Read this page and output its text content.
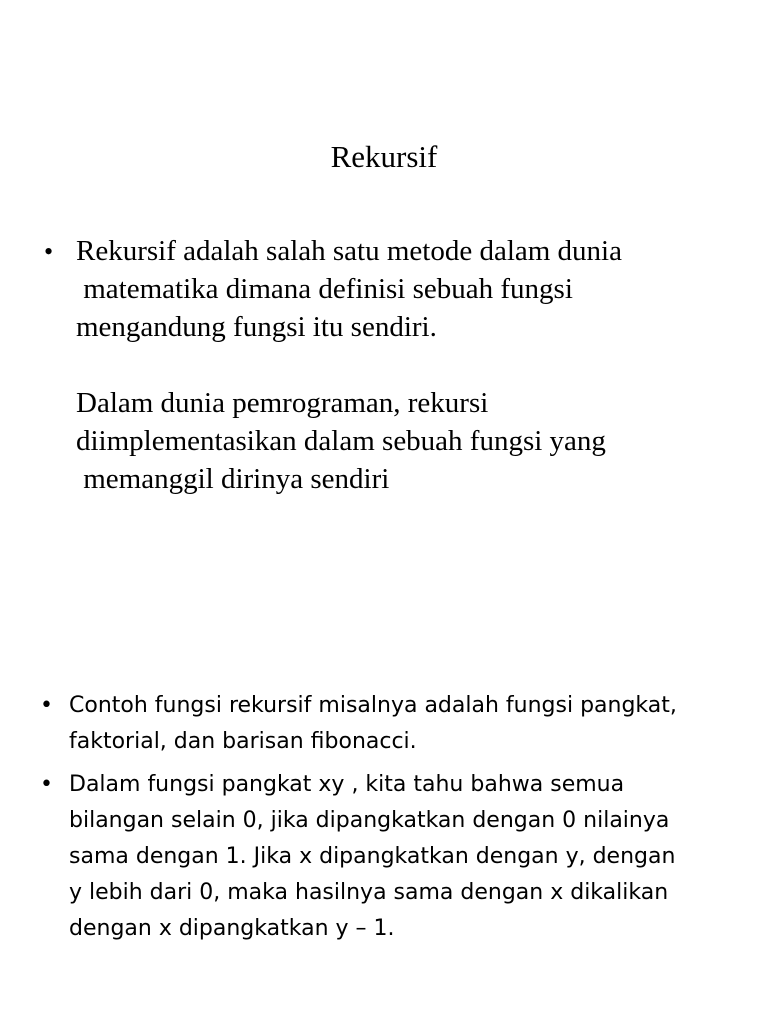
Rekursif
• Rekursif adalah salah satu metode dalam dunia
matematika dimana definisi sebuah fungsi
mengandung fungsi itu sendiri.
Dalam dunia pemrograman, rekursi
diimplementasikan dalam sebuah fungsi yang
memanggil dirinya sendiri
• Contoh fungsi rekursif misalnya adalah fungsi pangkat,
faktorial, dan barisan fibonacci.
• Dalam fungsi pangkat xy , kita tahu bahwa semua
bilangan selain 0, jika dipangkatkan dengan 0 nilainya
sama dengan 1. Jika x dipangkatkan dengan y, dengan
y lebih dari 0, maka hasilnya sama dengan x dikalikan
dengan x dipangkatkan y – 1.
